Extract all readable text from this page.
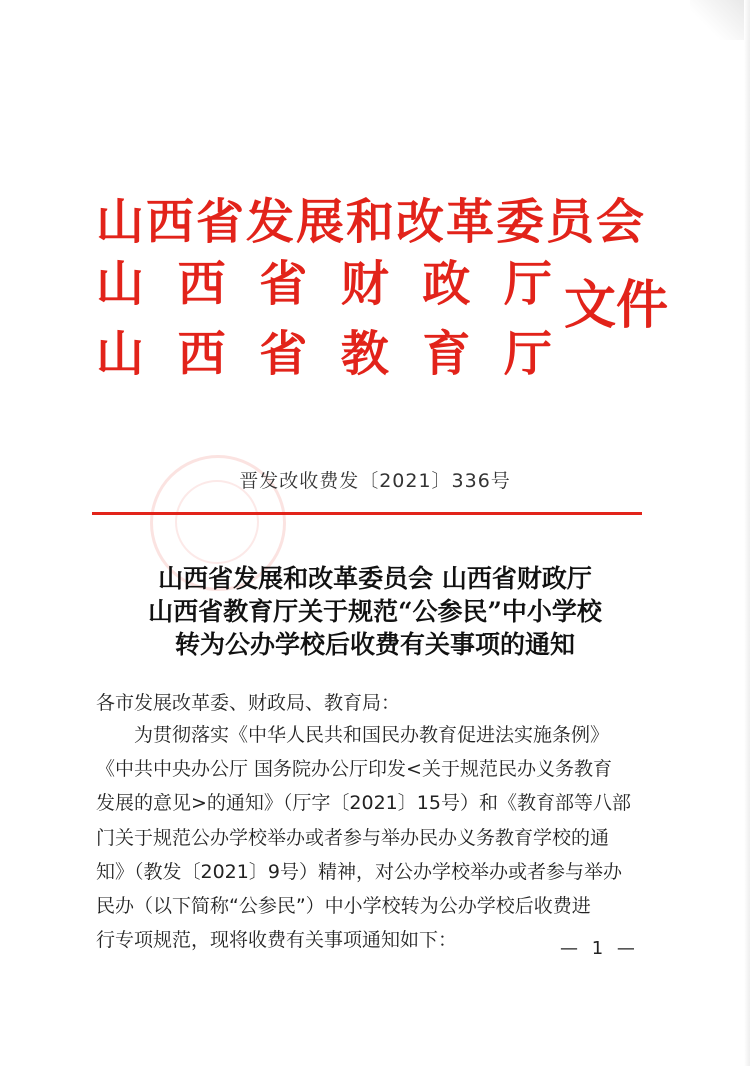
山西省发展和改革委员会
山西省财政厅
山西省教育厅
文件
晋发改收费发〔2021〕336号
山西省发展和改革委员会 山西省财政厅
山西省教育厅关于规范“公参民”中小学校
转为公办学校后收费有关事项的通知
各市发展改革委、财政局、教育局：
为贯彻落实《中华人民共和国民办教育促进法实施条例》
《中共中央办公厅 国务院办公厅印发<关于规范民办义务教育
发展的意见>的通知》（厅字〔2021〕15号）和《教育部等八部
门关于规范公办学校举办或者参与举办民办义务教育学校的通
知》（教发〔2021〕9号）精神，对公办学校举办或者参与举办
民办（以下简称“公参民”）中小学校转为公办学校后收费进
行专项规范，现将收费有关事项通知如下：	— 1 —
